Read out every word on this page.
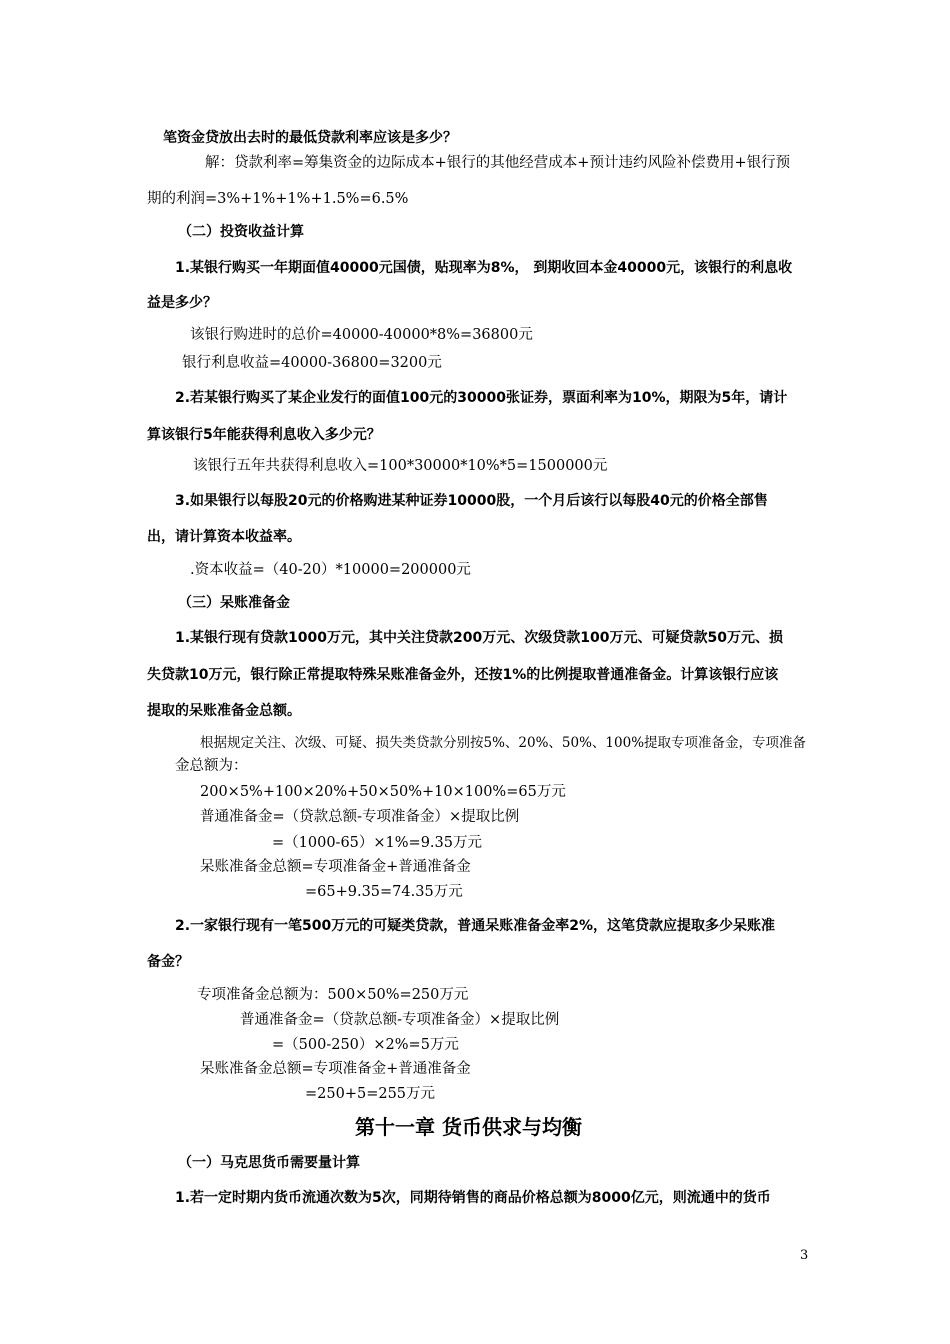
笔资金贷放出去时的最低贷款利率应该是多少？
解：贷款利率=筹集资金的边际成本+银行的其他经营成本+预计违约风险补偿费用+银行预
期的利润=3%+1%+1%+1.5%=6.5%
（二）投资收益计算
1.某银行购买一年期面值40000元国债，贴现率为8%， 到期收回本金40000元，该银行的利息收
益是多少？
该银行购进时的总价=40000-40000*8%=36800元
银行利息收益=40000-36800=3200元
2.若某银行购买了某企业发行的面值100元的30000张证券，票面利率为10%，期限为5年，请计
算该银行5年能获得利息收入多少元？
该银行五年共获得利息收入=100*30000*10%*5=1500000元
3.如果银行以每股20元的价格购进某种证券10000股，一个月后该行以每股40元的价格全部售
出，请计算资本收益率。
.资本收益=（40-20）*10000=200000元
（三）呆账准备金
1.某银行现有贷款1000万元，其中关注贷款200万元、次级贷款100万元、可疑贷款50万元、损
失贷款10万元，银行除正常提取特殊呆账准备金外，还按1%的比例提取普通准备金。计算该银行应该
提取的呆账准备金总额。
根据规定关注、次级、可疑、损失类贷款分别按5%、20%、50%、100%提取专项准备金，专项准备
金总额为：
200×5%+100×20%+50×50%+10×100%=65万元
普通准备金=（贷款总额-专项准备金）×提取比例
=（1000-65）×1%=9.35万元
呆账准备金总额=专项准备金+普通准备金
=65+9.35=74.35万元
2.一家银行现有一笔500万元的可疑类贷款，普通呆账准备金率2%，这笔贷款应提取多少呆账准
备金？
专项准备金总额为：500×50%=250万元
普通准备金=（贷款总额-专项准备金）×提取比例
=（500-250）×2%=5万元
呆账准备金总额=专项准备金+普通准备金
=250+5=255万元
第十一章 货币供求与均衡
（一）马克思货币需要量计算
1.若一定时期内货币流通次数为5次，同期待销售的商品价格总额为8000亿元，则流通中的货币
3
